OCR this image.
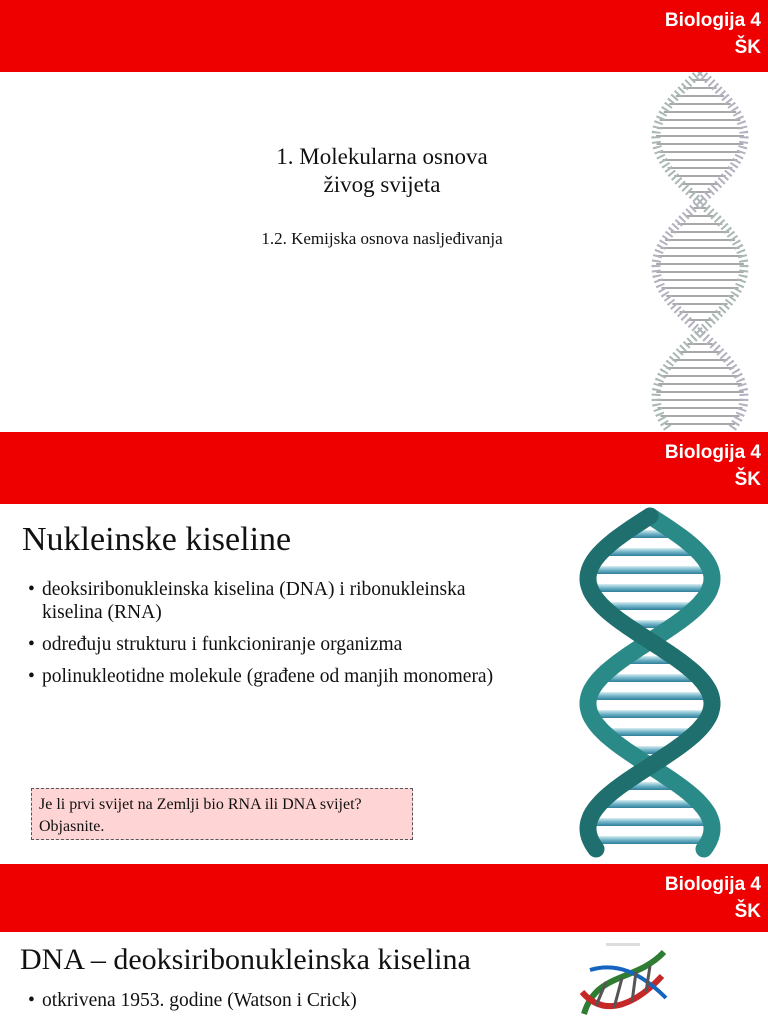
Biologija 4
ŠK
1. Molekularna osnova
živog svijeta
1.2. Kemijska osnova nasljeđivanja
Biologija 4
ŠK
Nukleinske kiseline
• deoksiribonukleinska kiselina (DNA) i ribonukleinska kiselina (RNA)
• određuju strukturu i funkcioniranje organizma
• polinukleotidne molekule (građene od manjih monomera)
Je li prvi svijet na Zemlji bio RNA ili DNA svijet? Objasnite.
Biologija 4
ŠK
DNA – deoksiribonukleinska kiselina
• otkrivena 1953. godine (Watson i Crick)
